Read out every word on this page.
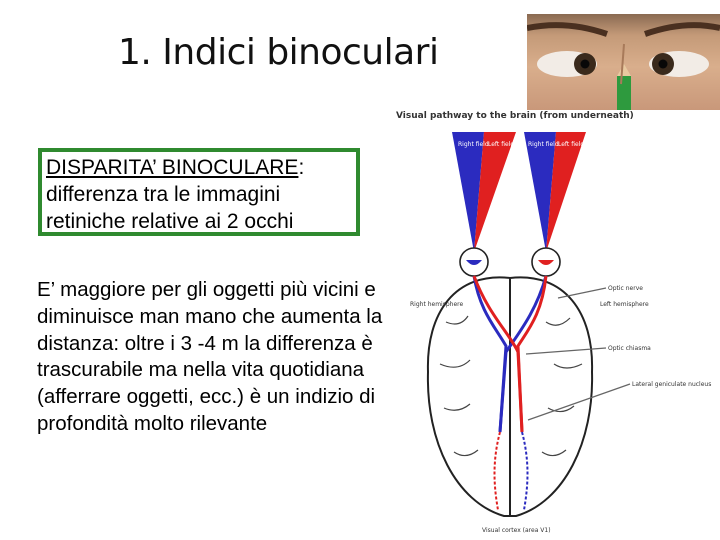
1. Indici binoculari

DISPARITA’ BINOCULARE: differenza tra le immagini retiniche relative ai 2 occhi

E’ maggiore per gli oggetti più vicini e diminuisce man mano che aumenta la distanza: oltre i 3 -4 m la differenza è trascurabile ma nella vita quotidiana (afferrare oggetti, ecc.) è un indizio di profondità molto rilevante

Visual pathway to the brain (from underneath)
Right field Left field Right field Left field
Right hemisphere	Left hemisphere
Optic nerve
Optic chiasma
Lateral geniculate nucleus
Visual cortex (area V1)
